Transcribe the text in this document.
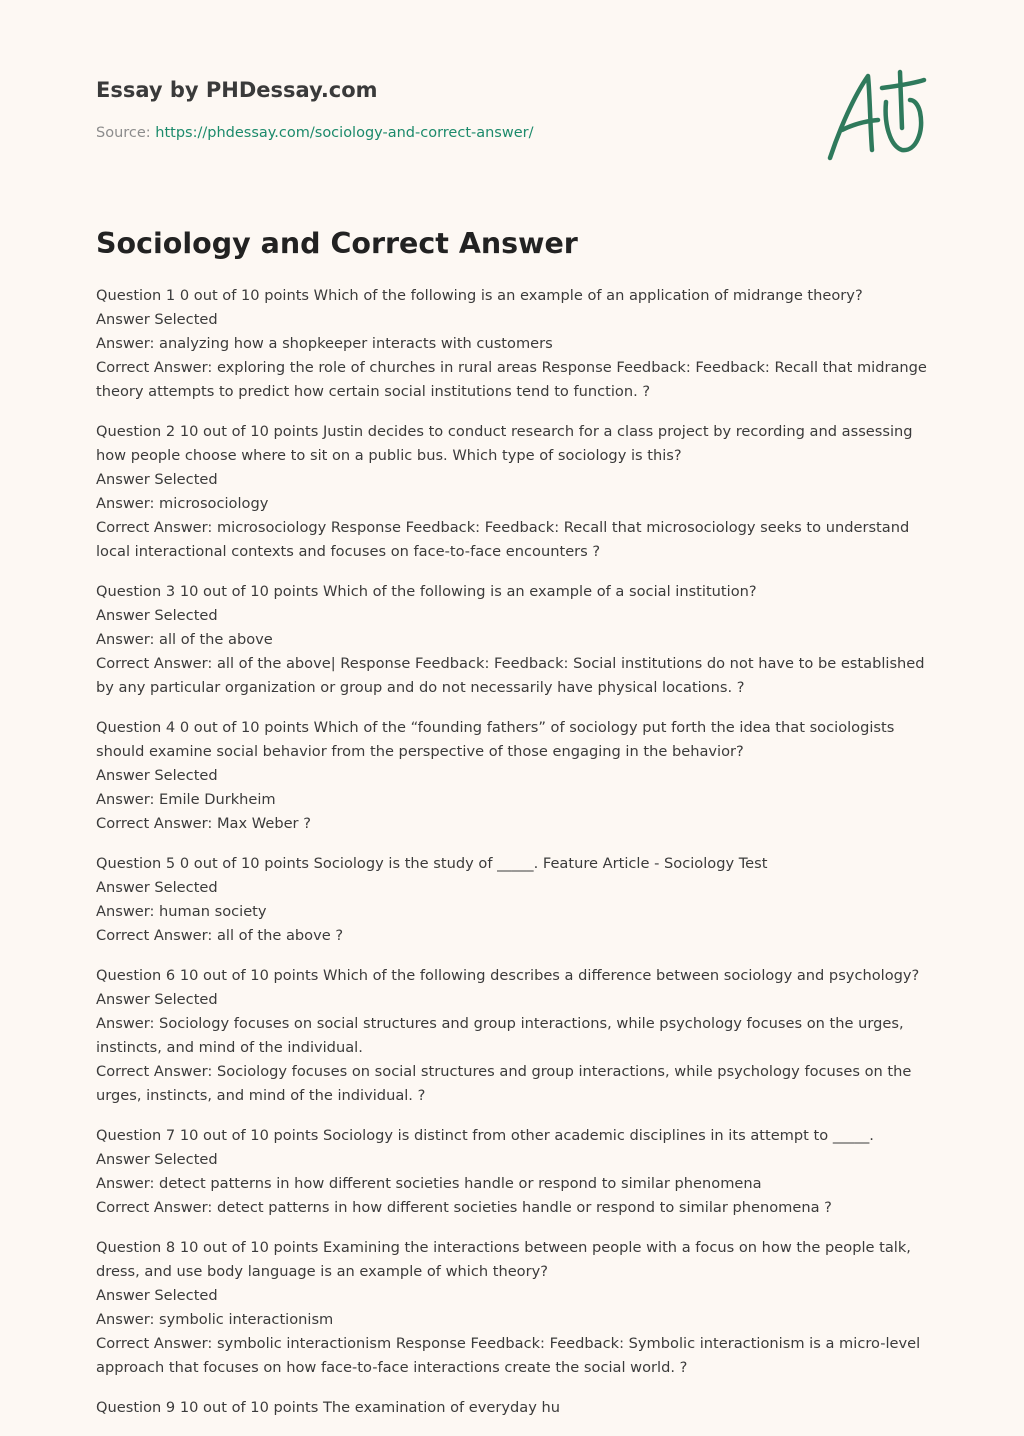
Essay by PHDessay.com
Source: https://phdessay.com/sociology-and-correct-answer/
Sociology and Correct Answer

Question 1 0 out of 10 points Which of the following is an example of an application of midrange theory?

Answer Selected

Answer: analyzing how a shopkeeper interacts with customers

Correct Answer: exploring the role of churches in rural areas Response Feedback: Feedback: Recall that midrange theory attempts to predict how certain social institutions tend to function. ?

Question 2 10 out of 10 points Justin decides to conduct research for a class project by recording and assessing how people choose where to sit on a public bus. Which type of sociology is this?

Answer Selected

Answer: microsociology

Correct Answer: microsociology Response Feedback: Feedback: Recall that microsociology seeks to understand local interactional contexts and focuses on face-to-face encounters ?

Question 3 10 out of 10 points Which of the following is an example of a social institution?

Answer Selected

Answer: all of the above

Correct Answer: all of the above| Response Feedback: Feedback: Social institutions do not have to be established by any particular organization or group and do not necessarily have physical locations. ?

Question 4 0 out of 10 points Which of the “founding fathers” of sociology put forth the idea that sociologists should examine social behavior from the perspective of those engaging in the behavior?

Answer Selected

Answer: Emile Durkheim

Correct Answer: Max Weber ?

Question 5 0 out of 10 points Sociology is the study of _____. Feature Article - Sociology Test

Answer Selected

Answer: human society

Correct Answer: all of the above ?

Question 6 10 out of 10 points Which of the following describes a difference between sociology and psychology?

Answer Selected

Answer: Sociology focuses on social structures and group interactions, while psychology focuses on the urges, instincts, and mind of the individual.

Correct Answer: Sociology focuses on social structures and group interactions, while psychology focuses on the urges, instincts, and mind of the individual. ?

Question 7 10 out of 10 points Sociology is distinct from other academic disciplines in its attempt to _____.

Answer Selected

Answer: detect patterns in how different societies handle or respond to similar phenomena

Correct Answer: detect patterns in how different societies handle or respond to similar phenomena ?

Question 8 10 out of 10 points Examining the interactions between people with a focus on how the people talk, dress, and use body language is an example of which theory?

Answer Selected

Answer: symbolic interactionism

Correct Answer: symbolic interactionism Response Feedback: Feedback: Symbolic interactionism is a micro-level approach that focuses on how face-to-face interactions create the social world. ?

Question 9 10 out of 10 points The examination of everyday hu
